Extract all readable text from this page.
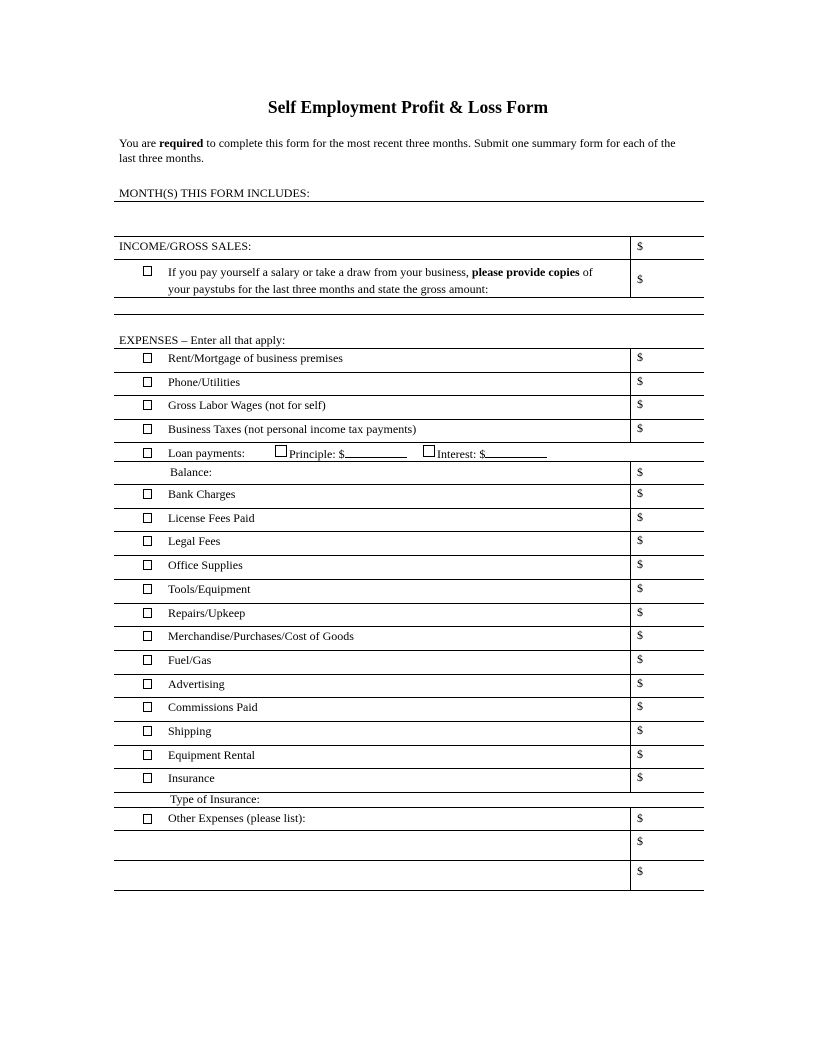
Self Employment Profit & Loss Form
You are required to complete this form for the most recent three months. Submit one summary form for each of the last three months.
MONTH(S) THIS FORM INCLUDES:
INCOME/GROSS SALES:	$
If you pay yourself a salary or take a draw from your business, please provide copies of your paystubs for the last three months and state the gross amount:
$
EXPENSES – Enter all that apply:
Rent/Mortgage of business premises	$
Phone/Utilities	$
Gross Labor Wages (not for self)	$
Business Taxes (not personal income tax payments)	$
Loan payments:	Principle: $	Interest: $
Balance:	$
Bank Charges	$
License Fees Paid	$
Legal Fees	$
Office Supplies	$
Tools/Equipment	$
Repairs/Upkeep	$
Merchandise/Purchases/Cost of Goods	$
Fuel/Gas	$
Advertising	$
Commissions Paid	$
Shipping	$
Equipment Rental	$
Insurance	$
Type of Insurance:
Other Expenses (please list):	$
$
$
